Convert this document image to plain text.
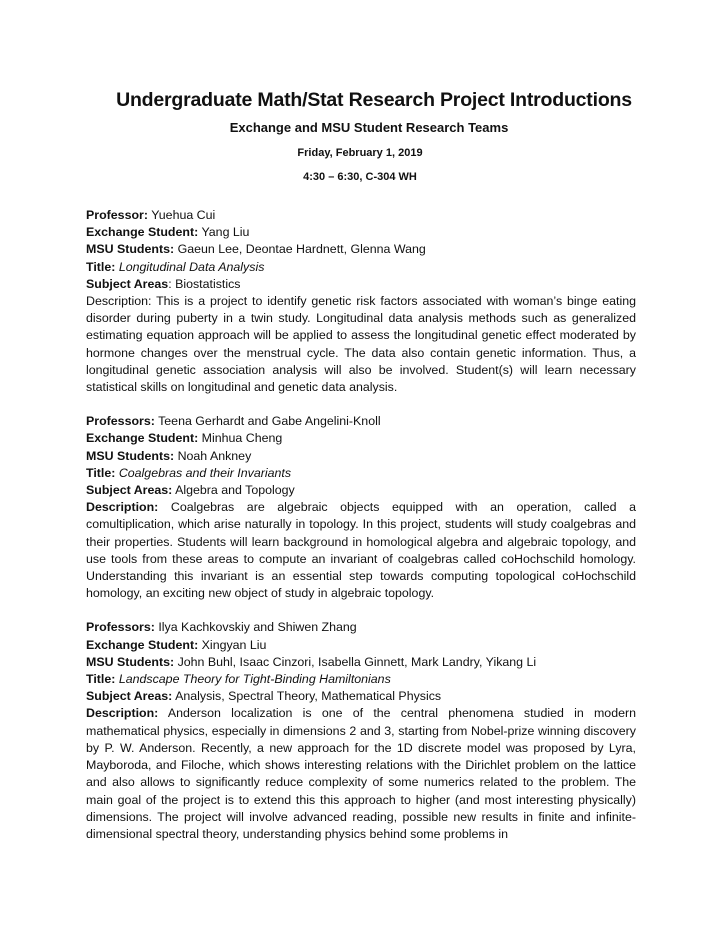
Undergraduate Math/Stat Research Project Introductions

Exchange and MSU Student Research Teams

Friday, February 1, 2019

4:30 – 6:30, C-304 WH

Professor: Yuehua Cui
Exchange Student: Yang Liu
MSU Students: Gaeun Lee, Deontae Hardnett, Glenna Wang
Title: Longitudinal Data Analysis
Subject Areas: Biostatistics
Description: This is a project to identify genetic risk factors associated with woman’s binge eating disorder during puberty in a twin study. Longitudinal data analysis methods such as generalized estimating equation approach will be applied to assess the longitudinal genetic effect moderated by hormone changes over the menstrual cycle. The data also contain genetic information. Thus, a longitudinal genetic association analysis will also be involved. Student(s) will learn necessary statistical skills on longitudinal and genetic data analysis.
Professors: Teena Gerhardt and Gabe Angelini-Knoll
Exchange Student: Minhua Cheng
MSU Students: Noah Ankney
Title: Coalgebras and their Invariants
Subject Areas: Algebra and Topology
Description: Coalgebras are algebraic objects equipped with an operation, called a comultiplication, which arise naturally in topology. In this project, students will study coalgebras and their properties. Students will learn background in homological algebra and algebraic topology, and use tools from these areas to compute an invariant of coalgebras called coHochschild homology. Understanding this invariant is an essential step towards computing topological coHochschild homology, an exciting new object of study in algebraic topology.
Professors: Ilya Kachkovskiy and Shiwen Zhang
Exchange Student: Xingyan Liu
MSU Students: John Buhl, Isaac Cinzori, Isabella Ginnett, Mark Landry, Yikang Li
Title: Landscape Theory for Tight-Binding Hamiltonians
Subject Areas: Analysis, Spectral Theory, Mathematical Physics
Description: Anderson localization is one of the central phenomena studied in modern mathematical physics, especially in dimensions 2 and 3, starting from Nobel-prize winning discovery by P. W. Anderson. Recently, a new approach for the 1D discrete model was proposed by Lyra, Mayboroda, and Filoche, which shows interesting relations with the Dirichlet problem on the lattice and also allows to significantly reduce complexity of some numerics related to the problem. The main goal of the project is to extend this this approach to higher (and most interesting physically) dimensions. The project will involve advanced reading, possible new results in finite and infinite-dimensional spectral theory, understanding physics behind some problems in
